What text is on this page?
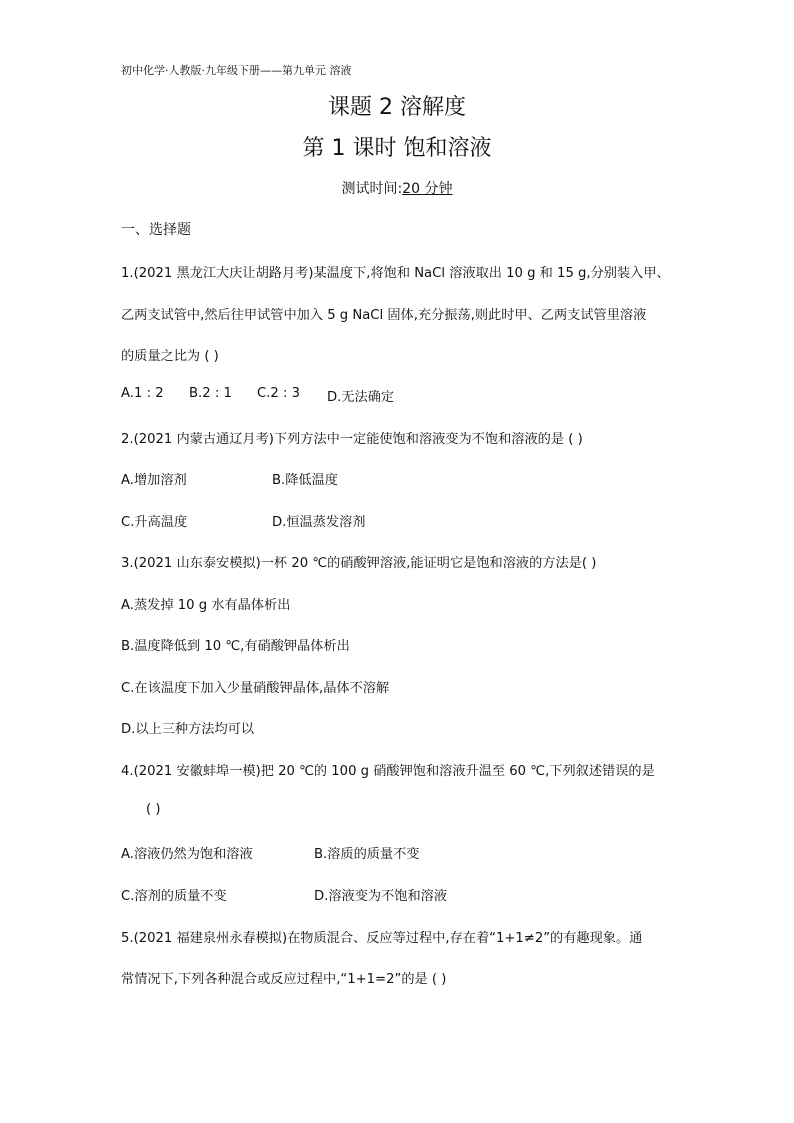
初中化学·人教版·九年级下册——第九单元 溶液
课题 2 溶解度
第 1 课时 饱和溶液
测试时间:20 分钟
一、选择题
1.(2021 黑龙江大庆让胡路月考)某温度下,将饱和 NaCl 溶液取出 10 g 和 15 g,分别装入甲、
乙两支试管中,然后往甲试管中加入 5 g NaCl 固体,充分振荡,则此时甲、乙两支试管里溶液
的质量之比为 ( )
A.1 : 2 B.2 : 1 C.2 : 3 D.无法确定
2.(2021 内蒙古通辽月考)下列方法中一定能使饱和溶液变为不饱和溶液的是 ( )
A.增加溶剂	B.降低温度
C.升高温度	D.恒温蒸发溶剂
3.(2021 山东泰安模拟)一杯 20 ℃的硝酸钾溶液,能证明它是饱和溶液的方法是( )
A.蒸发掉 10 g 水有晶体析出
B.温度降低到 10 ℃,有硝酸钾晶体析出
C.在该温度下加入少量硝酸钾晶体,晶体不溶解
D.以上三种方法均可以
4.(2021 安徽蚌埠一模)把 20 ℃的 100 g 硝酸钾饱和溶液升温至 60 ℃,下列叙述错误的是
( )
A.溶液仍然为饱和溶液	B.溶质的质量不变
C.溶剂的质量不变	D.溶液变为不饱和溶液
5.(2021 福建泉州永春模拟)在物质混合、反应等过程中,存在着“1+1≠2”的有趣现象。通
常情况下,下列各种混合或反应过程中,“1+1=2”的是 ( )
